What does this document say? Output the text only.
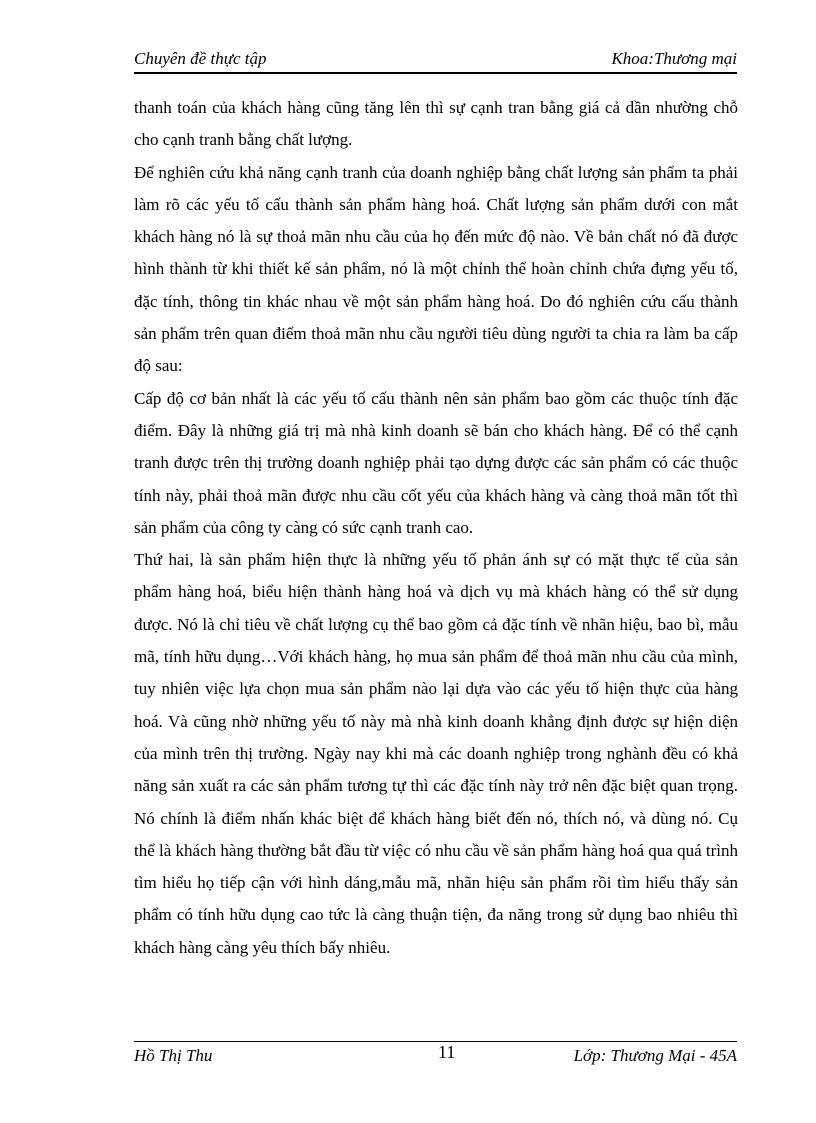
Chuyên đề thực tập	Khoa:Thương mại

thanh toán của khách hàng cũng tăng lên thì sự cạnh tran bằng giá cả dần nhường chỗ cho cạnh tranh bằng chất lượng.

Để nghiên cứu khả năng cạnh tranh của doanh nghiệp bằng chất lượng sản phẩm ta phải làm rõ các yếu tố cấu thành sản phẩm hàng hoá. Chất lượng sản phẩm dưới con mắt khách hàng nó là sự thoả mãn nhu cầu của họ đến mức độ nào. Về bản chất nó đã được hình thành từ khi thiết kế sản phẩm, nó là một chỉnh thể hoàn chỉnh chứa đựng yếu tố, đặc tính, thông tin khác nhau về một sản phẩm hàng hoá. Do đó nghiên cứu cấu thành sản phẩm trên quan điểm thoả mãn nhu cầu người tiêu dùng người ta chia ra làm ba cấp độ sau:

Cấp độ cơ bản nhất là các yếu tố cấu thành nên sản phẩm bao gồm các thuộc tính đặc điểm. Đây là những giá trị mà nhà kinh doanh sẽ bán cho khách hàng. Để có thể cạnh tranh được trên thị trường doanh nghiệp phải tạo dựng được các sản phẩm có các thuộc tính này, phải thoả mãn được nhu cầu cốt yếu của khách hàng và càng thoả mãn tốt thì sản phẩm của công ty càng có sức cạnh tranh cao.

Thứ hai, là sản phẩm hiện thực là những yếu tố phản ánh sự có mặt thực tế của sản phẩm hàng hoá, biểu hiện thành hàng hoá và dịch vụ mà khách hàng có thể sử dụng được. Nó là chỉ tiêu về chất lượng cụ thể bao gồm cả đặc tính về nhãn hiệu, bao bì, mẫu mã, tính hữu dụng…Với khách hàng, họ mua sản phẩm để thoả mãn nhu cầu của mình, tuy nhiên việc lựa chọn mua sản phẩm nào lại dựa vào các yếu tố hiện thực của hàng hoá. Và cũng nhờ những yếu tố này mà nhà kinh doanh khẳng định được sự hiện diện của mình trên thị trường. Ngày nay khi mà các doanh nghiệp trong nghành đều có khả năng sản xuất ra các sản phẩm tương tự thì các đặc tính này trở nên đặc biệt quan trọng. Nó chính là điểm nhấn khác biệt để khách hàng biết đến nó, thích nó, và dùng nó. Cụ thể là khách hàng thường bắt đầu từ việc có nhu cầu về sản phẩm hàng hoá qua quá trình tìm hiểu họ tiếp cận với hình dáng,mẫu mã, nhãn hiệu sản phẩm rồi tìm hiểu thấy sản phẩm có tính hữu dụng cao tức là càng thuận tiện, đa năng trong sử dụng bao nhiêu thì khách hàng càng yêu thích bấy nhiêu.

Hồ Thị Thu	11	Lớp: Thương Mại - 45A
